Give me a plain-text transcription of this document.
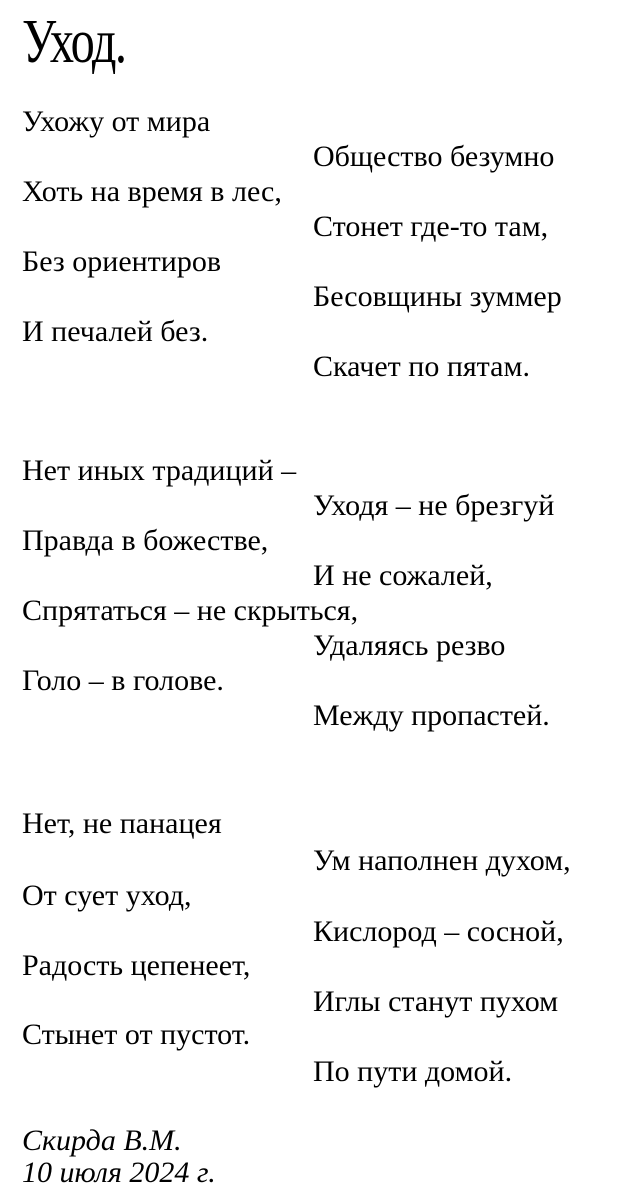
Уход.
Ухожу от мира
Общество безумно
Хоть на время в лес,
Стонет где-то там,
Без ориентиров
Бесовщины зуммер
И печалей без.
Скачет по пятам.
Нет иных традиций –
Уходя – не брезгуй
Правда в божестве,
И не сожалей,
Спрятаться – не скрыться,
Удаляясь резво
Голо – в голове.
Между пропастей.
Нет, не панацея
Ум наполнен духом,
От сует уход,
Кислород – сосной,
Радость цепенеет,
Иглы станут пухом
Стынет от пустот.
По пути домой.
Скирда В.М.
10 июля 2024 г.
